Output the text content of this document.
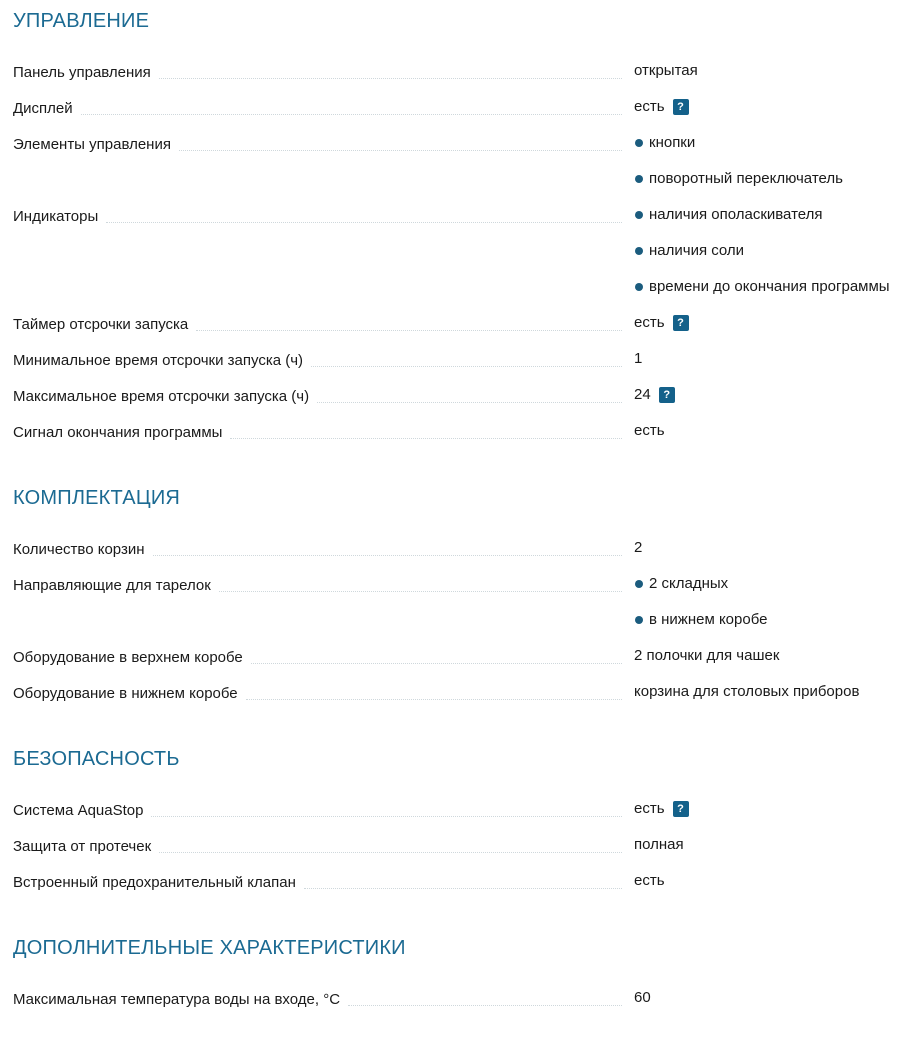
УПРАВЛЕНИЕ
Панель управления	открытая
Дисплей	есть	?
Элементы управления	кнопки
поворотный переключатель
Индикаторы	наличия ополаскивателя
наличия соли
времени до окончания программы
Таймер отсрочки запуска	есть	?
Минимальное время отсрочки запуска (ч)	1
Максимальное время отсрочки запуска (ч)	24	?
Сигнал окончания программы	есть
КОМПЛЕКТАЦИЯ
Количество корзин	2
Направляющие для тарелок	2 складных
в нижнем коробе
Оборудование в верхнем коробе	2 полочки для чашек
Оборудование в нижнем коробе	корзина для столовых приборов
БЕЗОПАСНОСТЬ
Система AquaStop	есть	?
Защита от протечек	полная
Встроенный предохранительный клапан	есть
ДОПОЛНИТЕЛЬНЫЕ ХАРАКТЕРИСТИКИ
Максимальная температура воды на входе, °C	60
